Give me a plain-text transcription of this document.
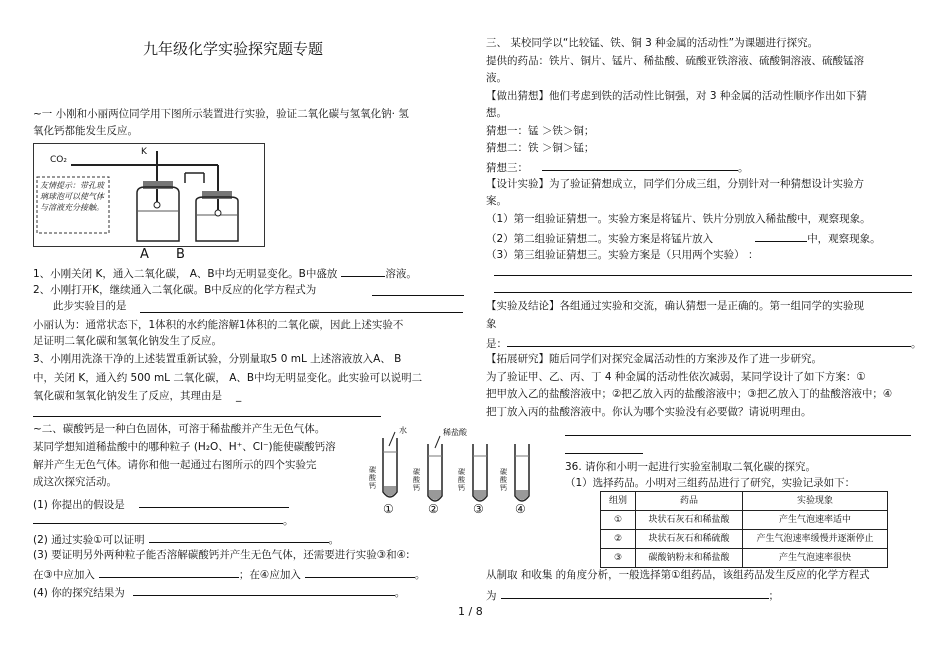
九年级化学实验探究题专题
~一 小刚和小丽两位同学用下图所示装置进行实验，验证二氧化碳与氢氧化钠· 氢
氧化钙都能发生反应。
CO₂
K
友情提示：带孔玻璃球泡可以使气体与溶液充分接触。
A B
1、小刚关闭 K，通入二氧化碳， A、B中均无明显变化。B中盛放	溶液。
2、小刚打开K，继续通入二氧化碳。B中反应的化学方程式为
此步实验目的是
小丽认为：通常状态下，1体积的水约能溶解1体积的二氧化碳，因此上述实验不
足证明二氧化碳和氢氧化钠发生了反应。
3、小刚用洗涤干净的上述装置重新试验，分别量取5 0 mL 上述溶液放入A、 B
中，关闭 K，通入约 500 mL 二氧化碳， A、B中均无明显变化。此实验可以说明二
氧化碳和氢氧化钠发生了反应，其理由是 _
~二、碳酸钙是一种白色固体，可溶于稀盐酸并产生无色气体。
某同学想知道稀盐酸中的哪种粒子 (H₂O、H⁺、Cl⁻)能使碳酸钙溶
解并产生无色气体。请你和他一起通过右图所示的四个实验完
成这次探究活动。
水	稀盐酸
碳酸钙
碳酸钙
碳酸钙
碳酸钙
①	②	③	④
(1) 你提出的假设是
。
(2) 通过实验①可以证明	。
(3) 要证明另外两种粒子能否溶解碳酸钙并产生无色气体，还需要进行实验③和④:
在③中应加入	；在④应加入	。
(4) 你的探究结果为	。
三、 某校同学以“比较锰、铁、铜 3 种金属的活动性”为课题进行探究。
提供的药品：铁片、铜片、锰片、稀盐酸、硫酸亚铁溶液、硫酸铜溶液、硫酸锰溶
液。
【做出猜想】他们考虑到铁的活动性比铜强，对 3 种金属的活动性顺序作出如下猜
想。
猜想一：锰 ＞铁＞铜；
猜想二：铁 ＞铜＞锰；
猜想三：	。
【设计实验】为了验证猜想成立，同学们分成三组，分别针对一种猜想设计实验方
案。
（1）第一组验证猜想一。实验方案是将锰片、铁片分别放入稀盐酸中，观察现象。
（2）第二组验证猜想二。实验方案是将锰片放入	中，观察现象。
（3）第三组验证猜想三。实验方案是（只用两个实验） ：
【实验及结论】各组通过实验和交流，确认猜想一是正确的。第一组同学的实验现
象
是：	。
【拓展研究】随后同学们对探究金属活动性的方案涉及作了进一步研究。
为了验证甲、乙、丙、丁 4 种金属的活动性依次减弱，某同学设计了如下方案：①
把甲放入乙的盐酸溶液中；②把乙放入丙的盐酸溶液中；③把乙放入丁的盐酸溶液中；④
把丁放入丙的盐酸溶液中。你认为哪个实验没有必要做？请说明理由。
36. 请你和小明一起进行实验室制取二氧化碳的探究。
（1）选择药品。小明对三组药品进行了研究，实验记录如下：
组别	药品	实验现象
①	块状石灰石和稀盐酸	产生气泡速率适中
②	块状石灰石和稀硫酸	产生气泡速率缓慢并逐渐停止
③	碳酸钠粉末和稀盐酸	产生气泡速率很快
从制取 和收集 的角度分析，一般选择第①组药品，该组药品发生反应的化学方程式
为	；
1 / 8
